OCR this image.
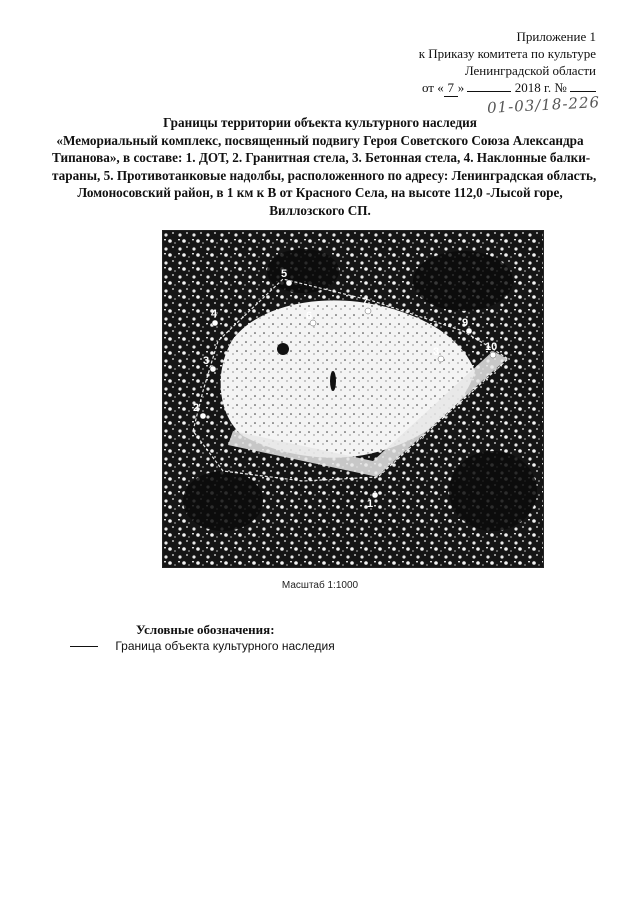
Приложение 1
к Приказу комитета по культуре
Ленинградской области
от « 7 »	2018 г. №
01-03/18-226
Границы территории объекта культурного наследия
«Мемориальный комплекс, посвященный подвигу Героя Советского Союза Александра
Типанова», в составе: 1. ДОТ, 2. Гранитная стела, 3. Бетонная стела, 4. Наклонные балки-
тараны, 5. Противотанковые надолбы, расположенного по адресу: Ленинградская область,
Ломоносовский район, в 1 км к В от Красного Села, на высоте 112,0 -Лысой горе,
Виллозского СП.
1
2
3
4
5
6
7
8
9
10
Масштаб 1:1000
Условные обозначения:
Граница объекта культурного наследия
